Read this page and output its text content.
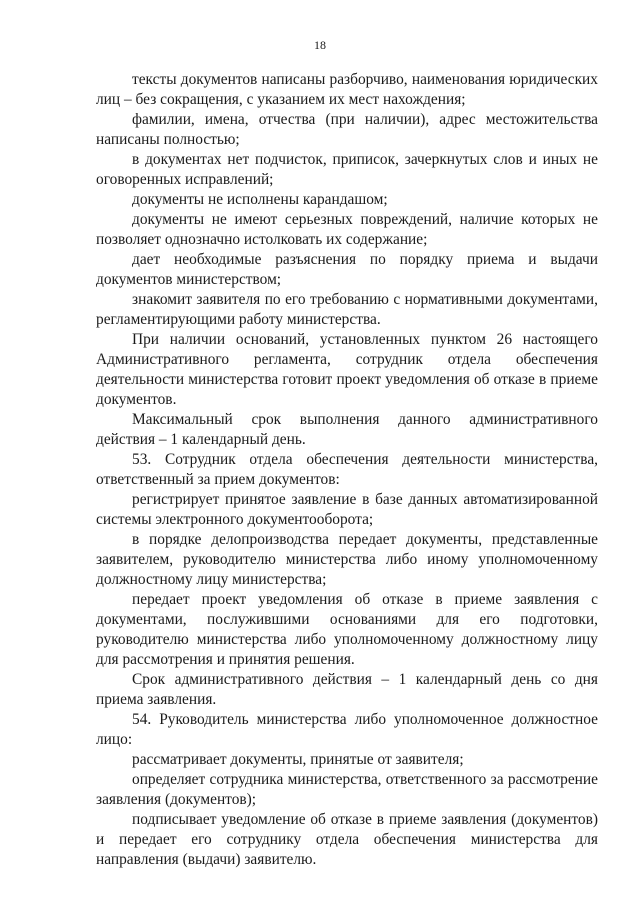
18

тексты документов написаны разборчиво, наименования юридических лиц – без сокращения, с указанием их мест нахождения;

фамилии, имена, отчества (при наличии), адрес местожительства написаны полностью;

в документах нет подчисток, приписок, зачеркнутых слов и иных не оговоренных исправлений;

документы не исполнены карандашом;

документы не имеют серьезных повреждений, наличие которых не позволяет однозначно истолковать их содержание;

дает необходимые разъяснения по порядку приема и выдачи документов министерством;

знакомит заявителя по его требованию с нормативными документами, регламентирующими работу министерства.

При наличии оснований, установленных пунктом 26 настоящего Административного регламента, сотрудник отдела обеспечения деятельности министерства готовит проект уведомления об отказе в приеме документов.

Максимальный срок выполнения данного административного действия – 1 календарный день.

53. Сотрудник отдела обеспечения деятельности министерства, ответственный за прием документов:

регистрирует принятое заявление в базе данных автоматизированной системы электронного документооборота;

в порядке делопроизводства передает документы, представленные заявителем, руководителю министерства либо иному уполномоченному должностному лицу министерства;

передает проект уведомления об отказе в приеме заявления с документами, послужившими основаниями для его подготовки, руководителю министерства либо уполномоченному должностному лицу для рассмотрения и принятия решения.

Срок административного действия – 1 календарный день со дня приема заявления.

54. Руководитель министерства либо уполномоченное должностное лицо:

рассматривает документы, принятые от заявителя;

определяет сотрудника министерства, ответственного за рассмотрение заявления (документов);

подписывает уведомление об отказе в приеме заявления (документов) и передает его сотруднику отдела обеспечения министерства для направления (выдачи) заявителю.
